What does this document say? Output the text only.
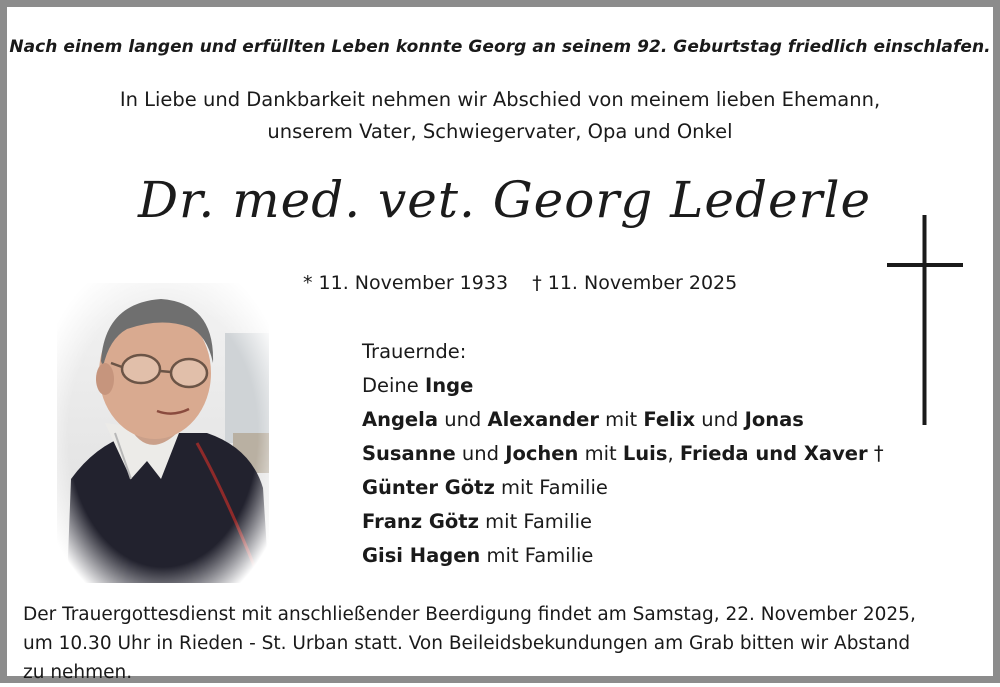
Nach einem langen und erfüllten Leben konnte Georg an seinem 92. Geburtstag friedlich einschlafen.
In Liebe und Dankbarkeit nehmen wir Abschied von meinem lieben Ehemann,
unserem Vater, Schwiegervater, Opa und Onkel
Dr. med. vet. Georg Lederle
* 11. November 1933 † 11. November 2025
Trauernde:
Deine Inge
Angela und Alexander mit Felix und Jonas
Susanne und Jochen mit Luis, Frieda und Xaver †
Günter Götz mit Familie
Franz Götz mit Familie
Gisi Hagen mit Familie
Der Trauergottesdienst mit anschließender Beerdigung findet am Samstag, 22. November 2025,
um 10.30 Uhr in Rieden - St. Urban statt. Von Beileidsbekundungen am Grab bitten wir Abstand
zu nehmen.
